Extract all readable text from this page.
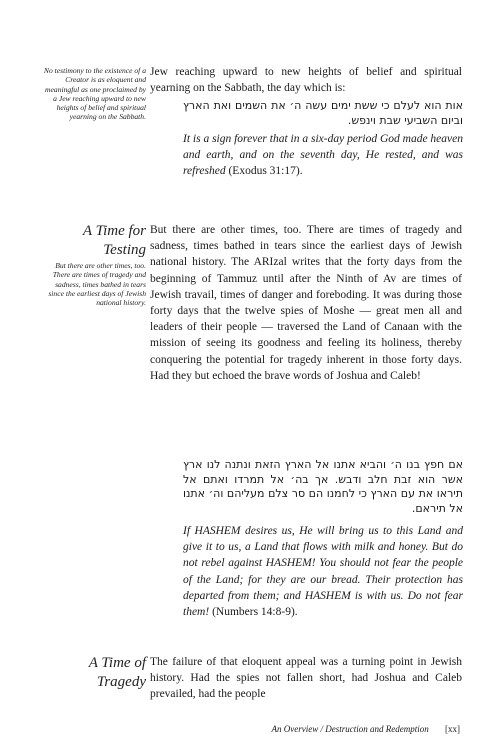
No testimony to the existence of a Creator is as eloquent and meaningful as one proclaimed by a Jew reaching upward to new heights of belief and spiritual yearning on the Sabbath.
Jew reaching upward to new heights of belief and spiritual yearning on the Sabbath, the day which is:
אות הוא לעלם כי ששת ימים עשה ה׳ את השמים ואת הארץ וביום השביעי שבת וינפש.
It is a sign forever that in a six-day period God made heaven and earth, and on the seventh day, He rested, and was refreshed (Exodus 31:17).
A Time for Testing
But there are other times, too. There are times of tragedy and sadness, times bathed in tears since the earliest days of Jewish national history.
But there are other times, too. There are times of tragedy and sadness, times bathed in tears since the earliest days of Jewish national history. The ARIzal writes that the forty days from the beginning of Tammuz until after the Ninth of Av are times of Jewish travail, times of danger and foreboding. It was during those forty days that the twelve spies of Moshe — great men all and leaders of their people — traversed the Land of Canaan with the mission of seeing its goodness and feeling its holiness, thereby conquering the potential for tragedy inherent in those forty days. Had they but echoed the brave words of Joshua and Caleb!
אם חפץ בנו ה׳ והביא אתנו אל הארץ הזאת ונתנה לנו ארץ אשר הוא זבת חלב ודבש. אך בה׳ אל תמרדו ואתם אל תיראו את עם הארץ כי לחמנו הם סר צלם מעליהם וה׳ אתנו אל תיראם.
If HASHEM desires us, He will bring us to this Land and give it to us, a Land that flows with milk and honey. But do not rebel against HASHEM! You should not fear the people of the Land; for they are our bread. Their protection has departed from them; and HASHEM is with us. Do not fear them! (Numbers 14:8-9).
A Time of Tragedy
The failure of that eloquent appeal was a turning point in Jewish history. Had the spies not fallen short, had Joshua and Caleb prevailed, had the people
An Overview / Destruction and Redemption [xx]
